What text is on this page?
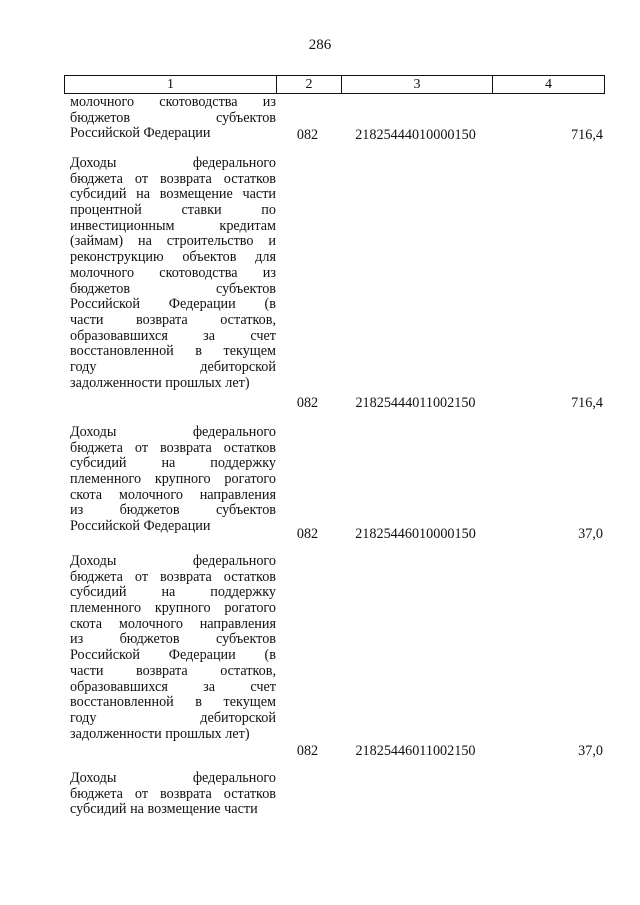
286
1	2	3	4
молочного скотоводства из
бюджетов субъектов
Российской Федерации	082	21825444010000150	716,4
Доходы федерального
бюджета от возврата остатков
субсидий на возмещение части
процентной ставки по
инвестиционным кредитам
(займам) на строительство и
реконструкцию объектов для
молочного скотоводства из
бюджетов субъектов
Российской Федерации (в
части возврата остатков,
образовавшихся за счет
восстановленной в текущем
году дебиторской
задолженности прошлых лет)
082	21825444011002150	716,4
Доходы федерального
бюджета от возврата остатков
субсидий на поддержку
племенного крупного рогатого
скота молочного направления
из бюджетов субъектов
Российской Федерации
082	21825446010000150	37,0
Доходы федерального
бюджета от возврата остатков
субсидий на поддержку
племенного крупного рогатого
скота молочного направления
из бюджетов субъектов
Российской Федерации (в
части возврата остатков,
образовавшихся за счет
восстановленной в текущем
году дебиторской
задолженности прошлых лет)
082	21825446011002150	37,0
Доходы федерального
бюджета от возврата остатков
субсидий на возмещение части
